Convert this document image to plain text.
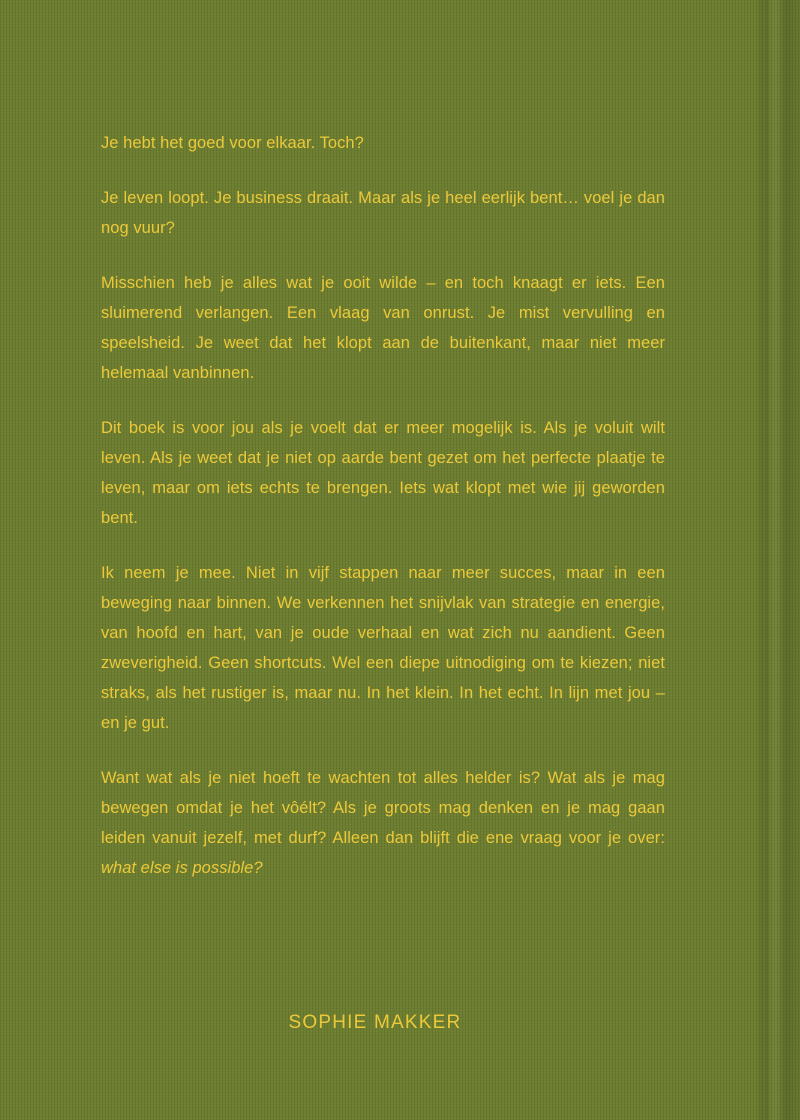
Je hebt het goed voor elkaar. Toch?

Je leven loopt. Je business draait. Maar als je heel eerlijk bent… voel je dan nog vuur?

Misschien heb je alles wat je ooit wilde – en toch knaagt er iets. Een sluimerend verlangen. Een vlaag van onrust. Je mist vervulling en speelsheid. Je weet dat het klopt aan de buitenkant, maar niet meer helemaal vanbinnen.

Dit boek is voor jou als je voelt dat er meer mogelijk is. Als je voluit wilt leven. Als je weet dat je niet op aarde bent gezet om het perfecte plaatje te leven, maar om iets echts te brengen. Iets wat klopt met wie jij geworden bent.

Ik neem je mee. Niet in vijf stappen naar meer succes, maar in een beweging naar binnen. We verkennen het snijvlak van strategie en energie, van hoofd en hart, van je oude verhaal en wat zich nu aandient. Geen zweverigheid. Geen shortcuts. Wel een diepe uitnodiging om te kiezen; niet straks, als het rustiger is, maar nu. In het klein. In het echt. In lijn met jou – en je gut.

Want wat als je niet hoeft te wachten tot alles helder is? Wat als je mag bewegen omdat je het vôélt? Als je groots mag denken en je mag gaan leiden vanuit jezelf, met durf? Alleen dan blijft die ene vraag voor je over: what else is possible?

SOPHIE MAKKER
